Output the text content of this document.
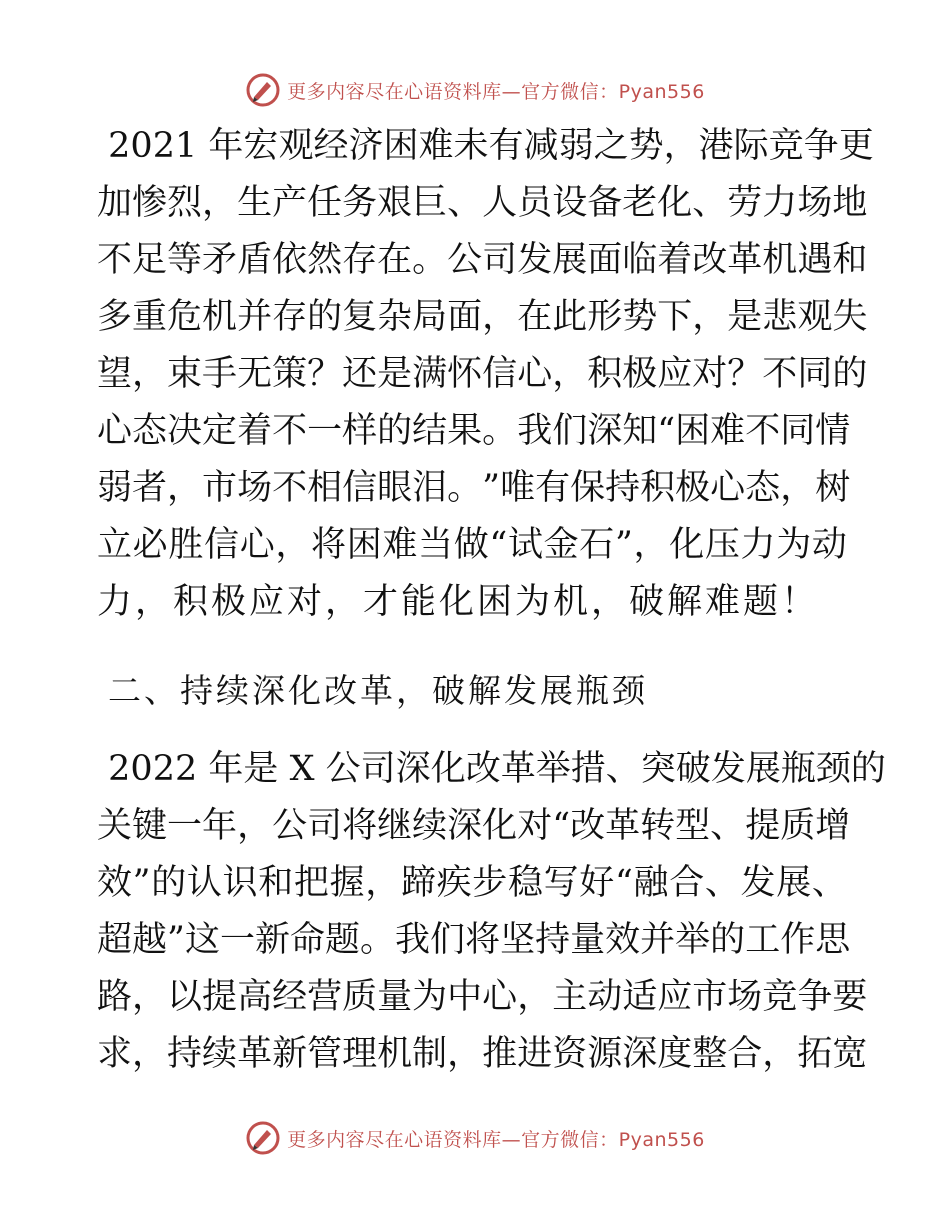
更多内容尽在心语资料库—官方微信：Pyan556

2 0 2 1
年 宏 观 经 济 困 难 未 有 减 弱 之 势 ， 港 际 竞 争 更
加 惨 烈 ， 生 产 任 务 艰 巨 、 人 员 设 备 老 化 、 劳 力 场 地
不 足 等 矛 盾 依 然 存 在 。 公 司 发 展 面 临 着 改 革 机 遇 和
多 重 危 机 并 存 的 复 杂 局 面 ， 在 此 形 势 下 ， 是 悲 观 失
望 ， 束 手 无 策 ？ 还 是 满 怀 信 心 ， 积 极 应 对 ？ 不 同 的
心 态 决 定 着 不 一 样 的 结 果 。 我 们 深 知 “ 困 难 不 同 情
弱 者 ， 市 场 不 相 信 眼 泪 。 ” 唯 有 保 持 积 极 心 态 ， 树
立 必 胜 信 心 ， 将 困 难 当 做 “ 试 金 石 ” ， 化 压 力 为 动
力，积极应对，才能化困为机，破解难题！
二、持续深化改革，破解发展瓶颈

2 0 2 2
年 是
X
公 司 深 化 改 革 举 措 、 突 破 发 展 瓶 颈 的
关 键 一 年 ， 公 司 将 继 续 深 化 对 “ 改 革 转 型 、 提 质 增
效 ” 的 认 识 和 把 握 ， 蹄 疾 步 稳 写 好 “ 融 合 、 发 展 、
超 越 ” 这 一 新 命 题 。 我 们 将 坚 持 量 效 并 举 的 工 作 思
路 ， 以 提 高 经 营 质 量 为 中 心 ， 主 动 适 应 市 场 竞 争 要
求 ， 持 续 革 新 管 理 机 制 ， 推 进 资 源 深 度 整 合 ， 拓 宽
更多内容尽在心语资料库—官方微信：Pyan556
